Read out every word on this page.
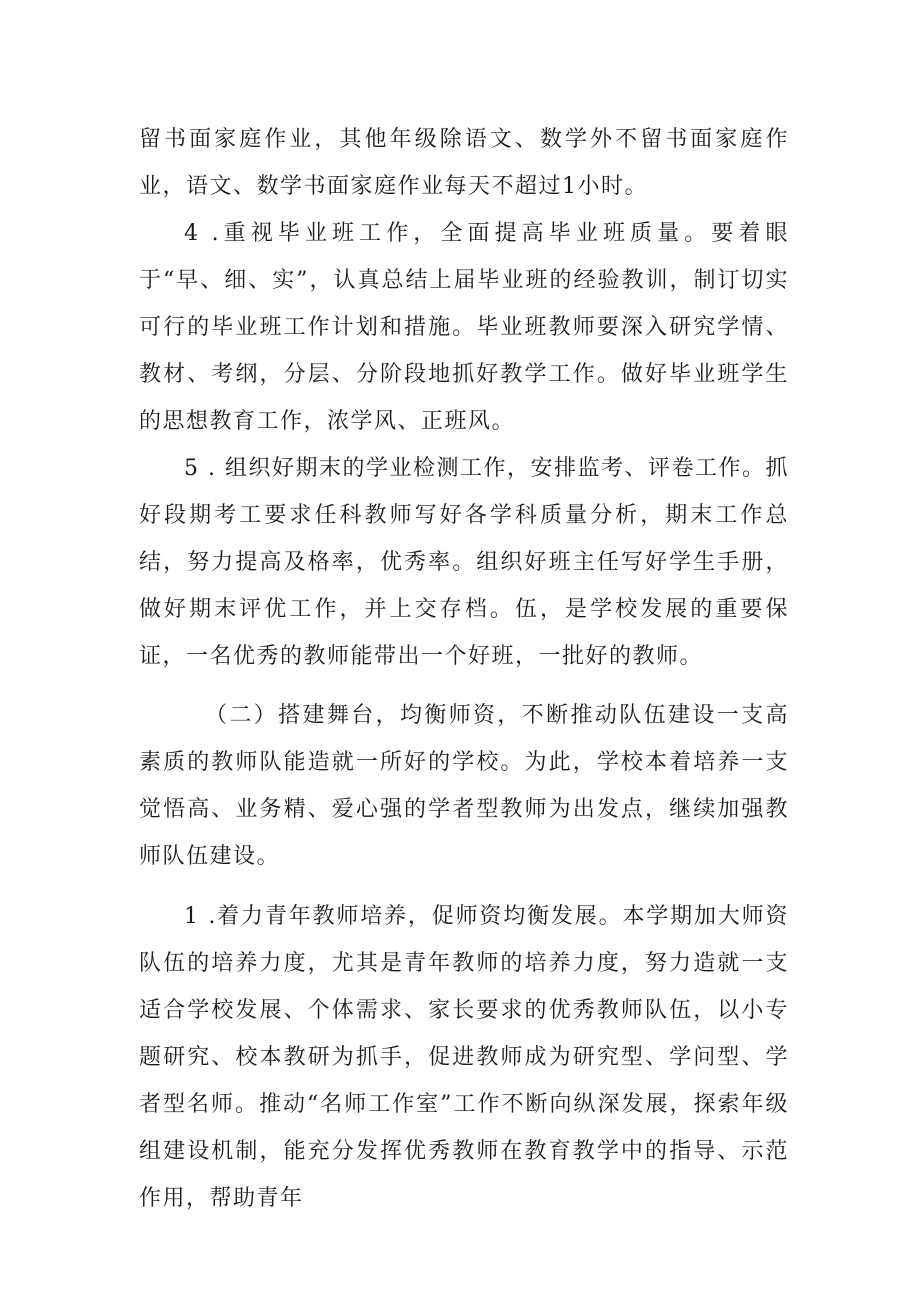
留书面家庭作业，其他年级除语文、数学外不留书面家庭作业，语文、数学书面家庭作业每天不超过1小时。

4 .重视毕业班工作，全面提高毕业班质量。要着眼于“早、细、实”，认真总结上届毕业班的经验教训，制订切实可行的毕业班工作计划和措施。毕业班教师要深入研究学情、教材、考纲，分层、分阶段地抓好教学工作。做好毕业班学生的思想教育工作，浓学风、正班风。

5 . 组织好期末的学业检测工作，安排监考、评卷工作。抓好段期考工要求任科教师写好各学科质量分析，期末工作总结，努力提高及格率，优秀率。组织好班主任写好学生手册，做好期末评优工作，并上交存档。伍，是学校发展的重要保证，一名优秀的教师能带出一个好班，一批好的教师。

（二）搭建舞台，均衡师资，不断推动队伍建设一支高素质的教师队能造就一所好的学校。为此，学校本着培养一支觉悟高、业务精、爱心强的学者型教师为出发点，继续加强教师队伍建设。

1 .着力青年教师培养，促师资均衡发展。本学期加大师资队伍的培养力度，尤其是青年教师的培养力度，努力造就一支适合学校发展、个体需求、家长要求的优秀教师队伍，以小专题研究、校本教研为抓手，促进教师成为研究型、学问型、学者型名师。推动“名师工作室”工作不断向纵深发展，探索年级组建设机制，能充分发挥优秀教师在教育教学中的指导、示范作用，帮助青年
